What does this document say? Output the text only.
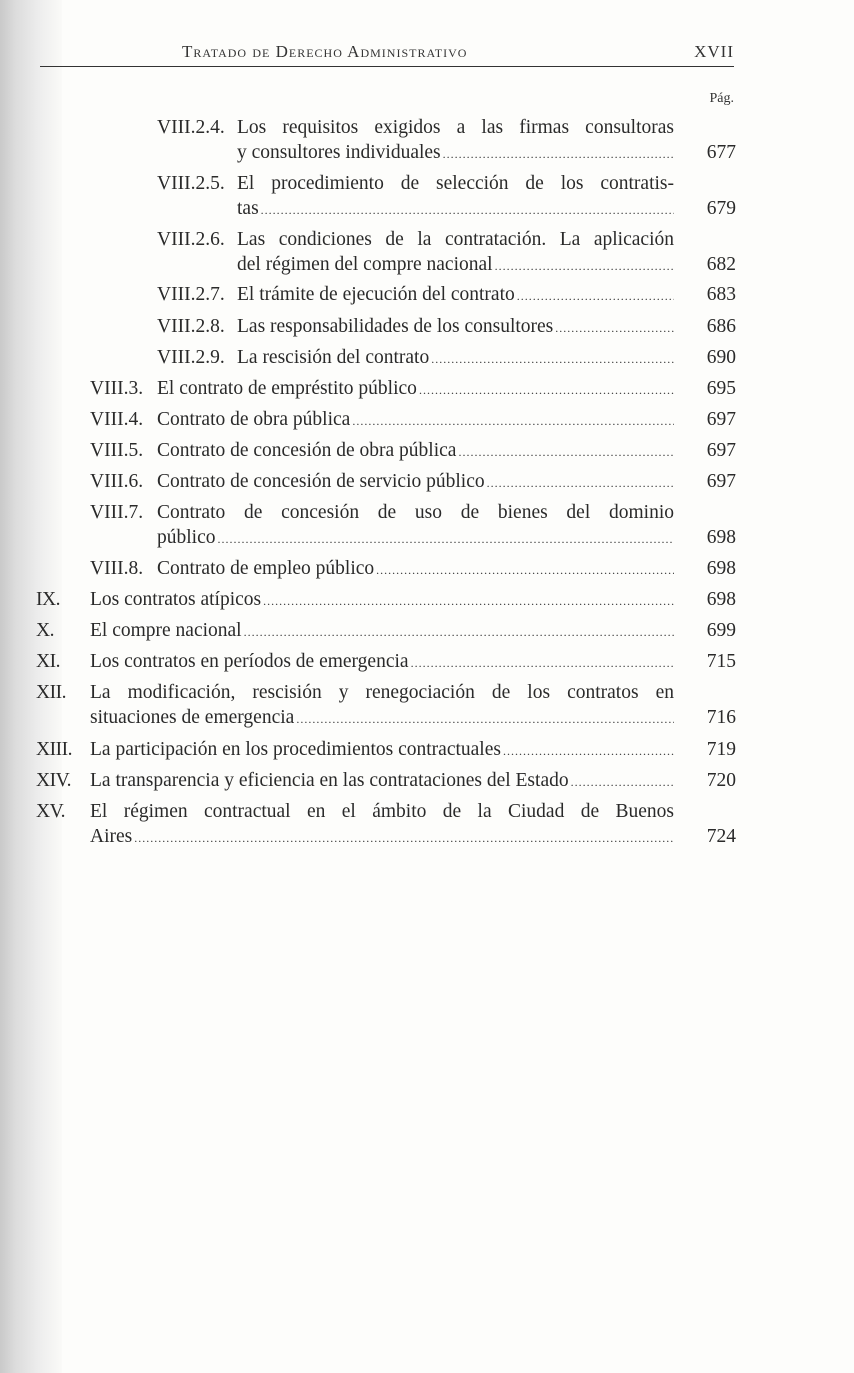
Tratado de Derecho Administrativo	XVII
Pág.
VIII.2.4. Los requisitos exigidos a las firmas consultoras
y consultores individuales .....	677
VIII.2.5. El procedimiento de selección de los contratis-
tas .....	679
VIII.2.6. Las condiciones de la contratación. La aplicación
del régimen del compre nacional .....	682
VIII.2.7. El trámite de ejecución del contrato .....	683
VIII.2.8. Las responsabilidades de los consultores .....	686
VIII.2.9. La rescisión del contrato .....	690
VIII.3. El contrato de empréstito público .....	695
VIII.4. Contrato de obra pública .....	697
VIII.5. Contrato de concesión de obra pública .....	697
VIII.6. Contrato de concesión de servicio público .....	697
VIII.7. Contrato de concesión de uso de bienes del dominio
público .....	698
VIII.8. Contrato de empleo público .....	698
IX. Los contratos atípicos .....	698
X. El compre nacional .....	699
XI. Los contratos en períodos de emergencia .....	715
XII. La modificación, rescisión y renegociación de los contratos en
situaciones de emergencia .....	716
XIII. La participación en los procedimientos contractuales .....	719
XIV. La transparencia y eficiencia en las contrataciones del Estado .....	720
XV. El régimen contractual en el ámbito de la Ciudad de Buenos
Aires .....	724
